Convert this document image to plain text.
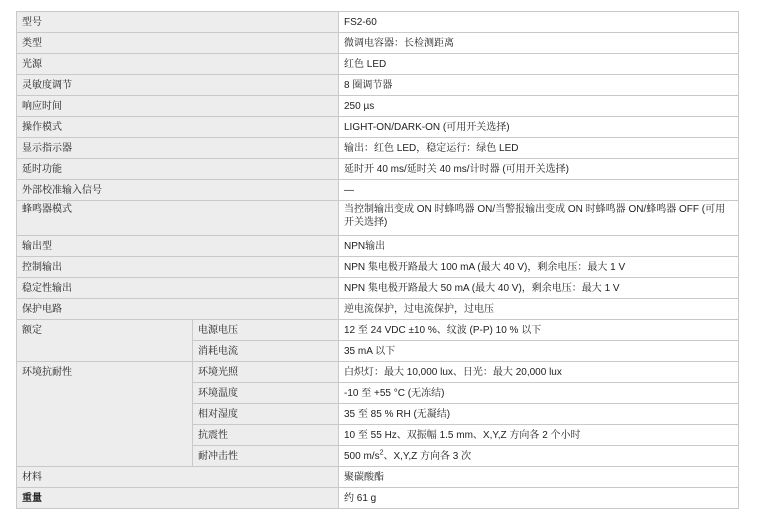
型号		FS2-60
类型		微调电容器：长检测距离
光源		红色 LED
灵敏度调节		8 圈调节器
响应时间		250 µs
操作模式		LIGHT-ON/DARK-ON (可用开关选择)
显示指示器		输出：红色 LED，稳定运行：绿色 LED
延时功能		延时开 40 ms/延时关 40 ms/计时器 (可用开关选择)
外部校准输入信号		—
蜂鸣器模式		当控制输出变成 ON 时蜂鸣器 ON/当警报输出变成 ON 时蜂鸣器 ON/蜂鸣器 OFF (可用开关选择)
输出型		NPN输出
控制输出		NPN 集电极开路最大 100 mA (最大 40 V)，剩余电压：最大 1 V
稳定性输出		NPN 集电极开路最大 50 mA (最大 40 V)，剩余电压：最大 1 V
保护电路		逆电流保护，过电流保护，过电压
额定	电源电压	12 至 24 VDC ±10 %、纹波 (P-P) 10 % 以下
	消耗电流	35 mA 以下
环境抗耐性	环境光照	白炽灯：最大 10,000 lux、日光：最大 20,000 lux
	环境温度	-10 至 +55 °C (无冻结)
	相对湿度	35 至 85 % RH (无凝结)
	抗震性	10 至 55 Hz、双振幅 1.5 mm、X,Y,Z 方向各 2 个小时
	耐冲击性	500 $m/s^2$、X,Y,Z 方向各 3 次
材料		聚碳酸酯
重量		约 61 g
